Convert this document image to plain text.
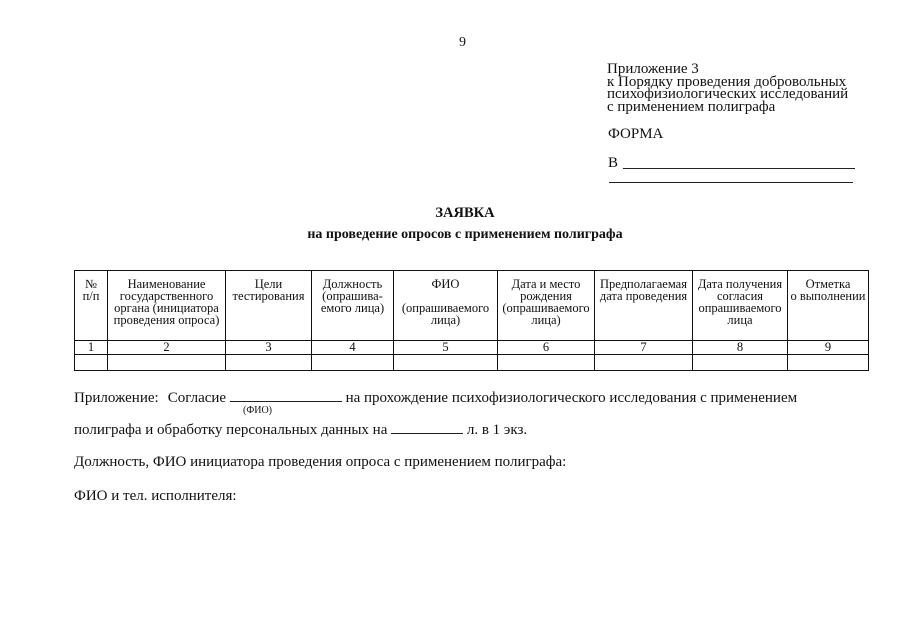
9
Приложение 3
к Порядку проведения добровольных
психофизиологических исследований
с применением полиграфа
ФОРМА
В
ЗАЯВКА
на проведение опросов с применением полиграфа
№
п/п	Наименование
государственного
органа (инициатора
проведения опроса)	Цели
тестирования	Должность
(опрашива-
емого лица)	ФИО

(опрашиваемого
лица)	Дата и место
рождения
(опрашиваемого
лица)	Предполагаемая
дата проведения	Дата получения
согласия
опрашиваемого
лица	Отметка
о выполнении
1	2	3	4	5	6	7	8	9

Приложение: Согласие	на прохождение психофизиологического исследования с применением
(ФИО)
полиграфа и обработку персональных данных на	л. в 1 экз.
Должность, ФИО инициатора проведения опроса с применением полиграфа:
ФИО и тел. исполнителя:
